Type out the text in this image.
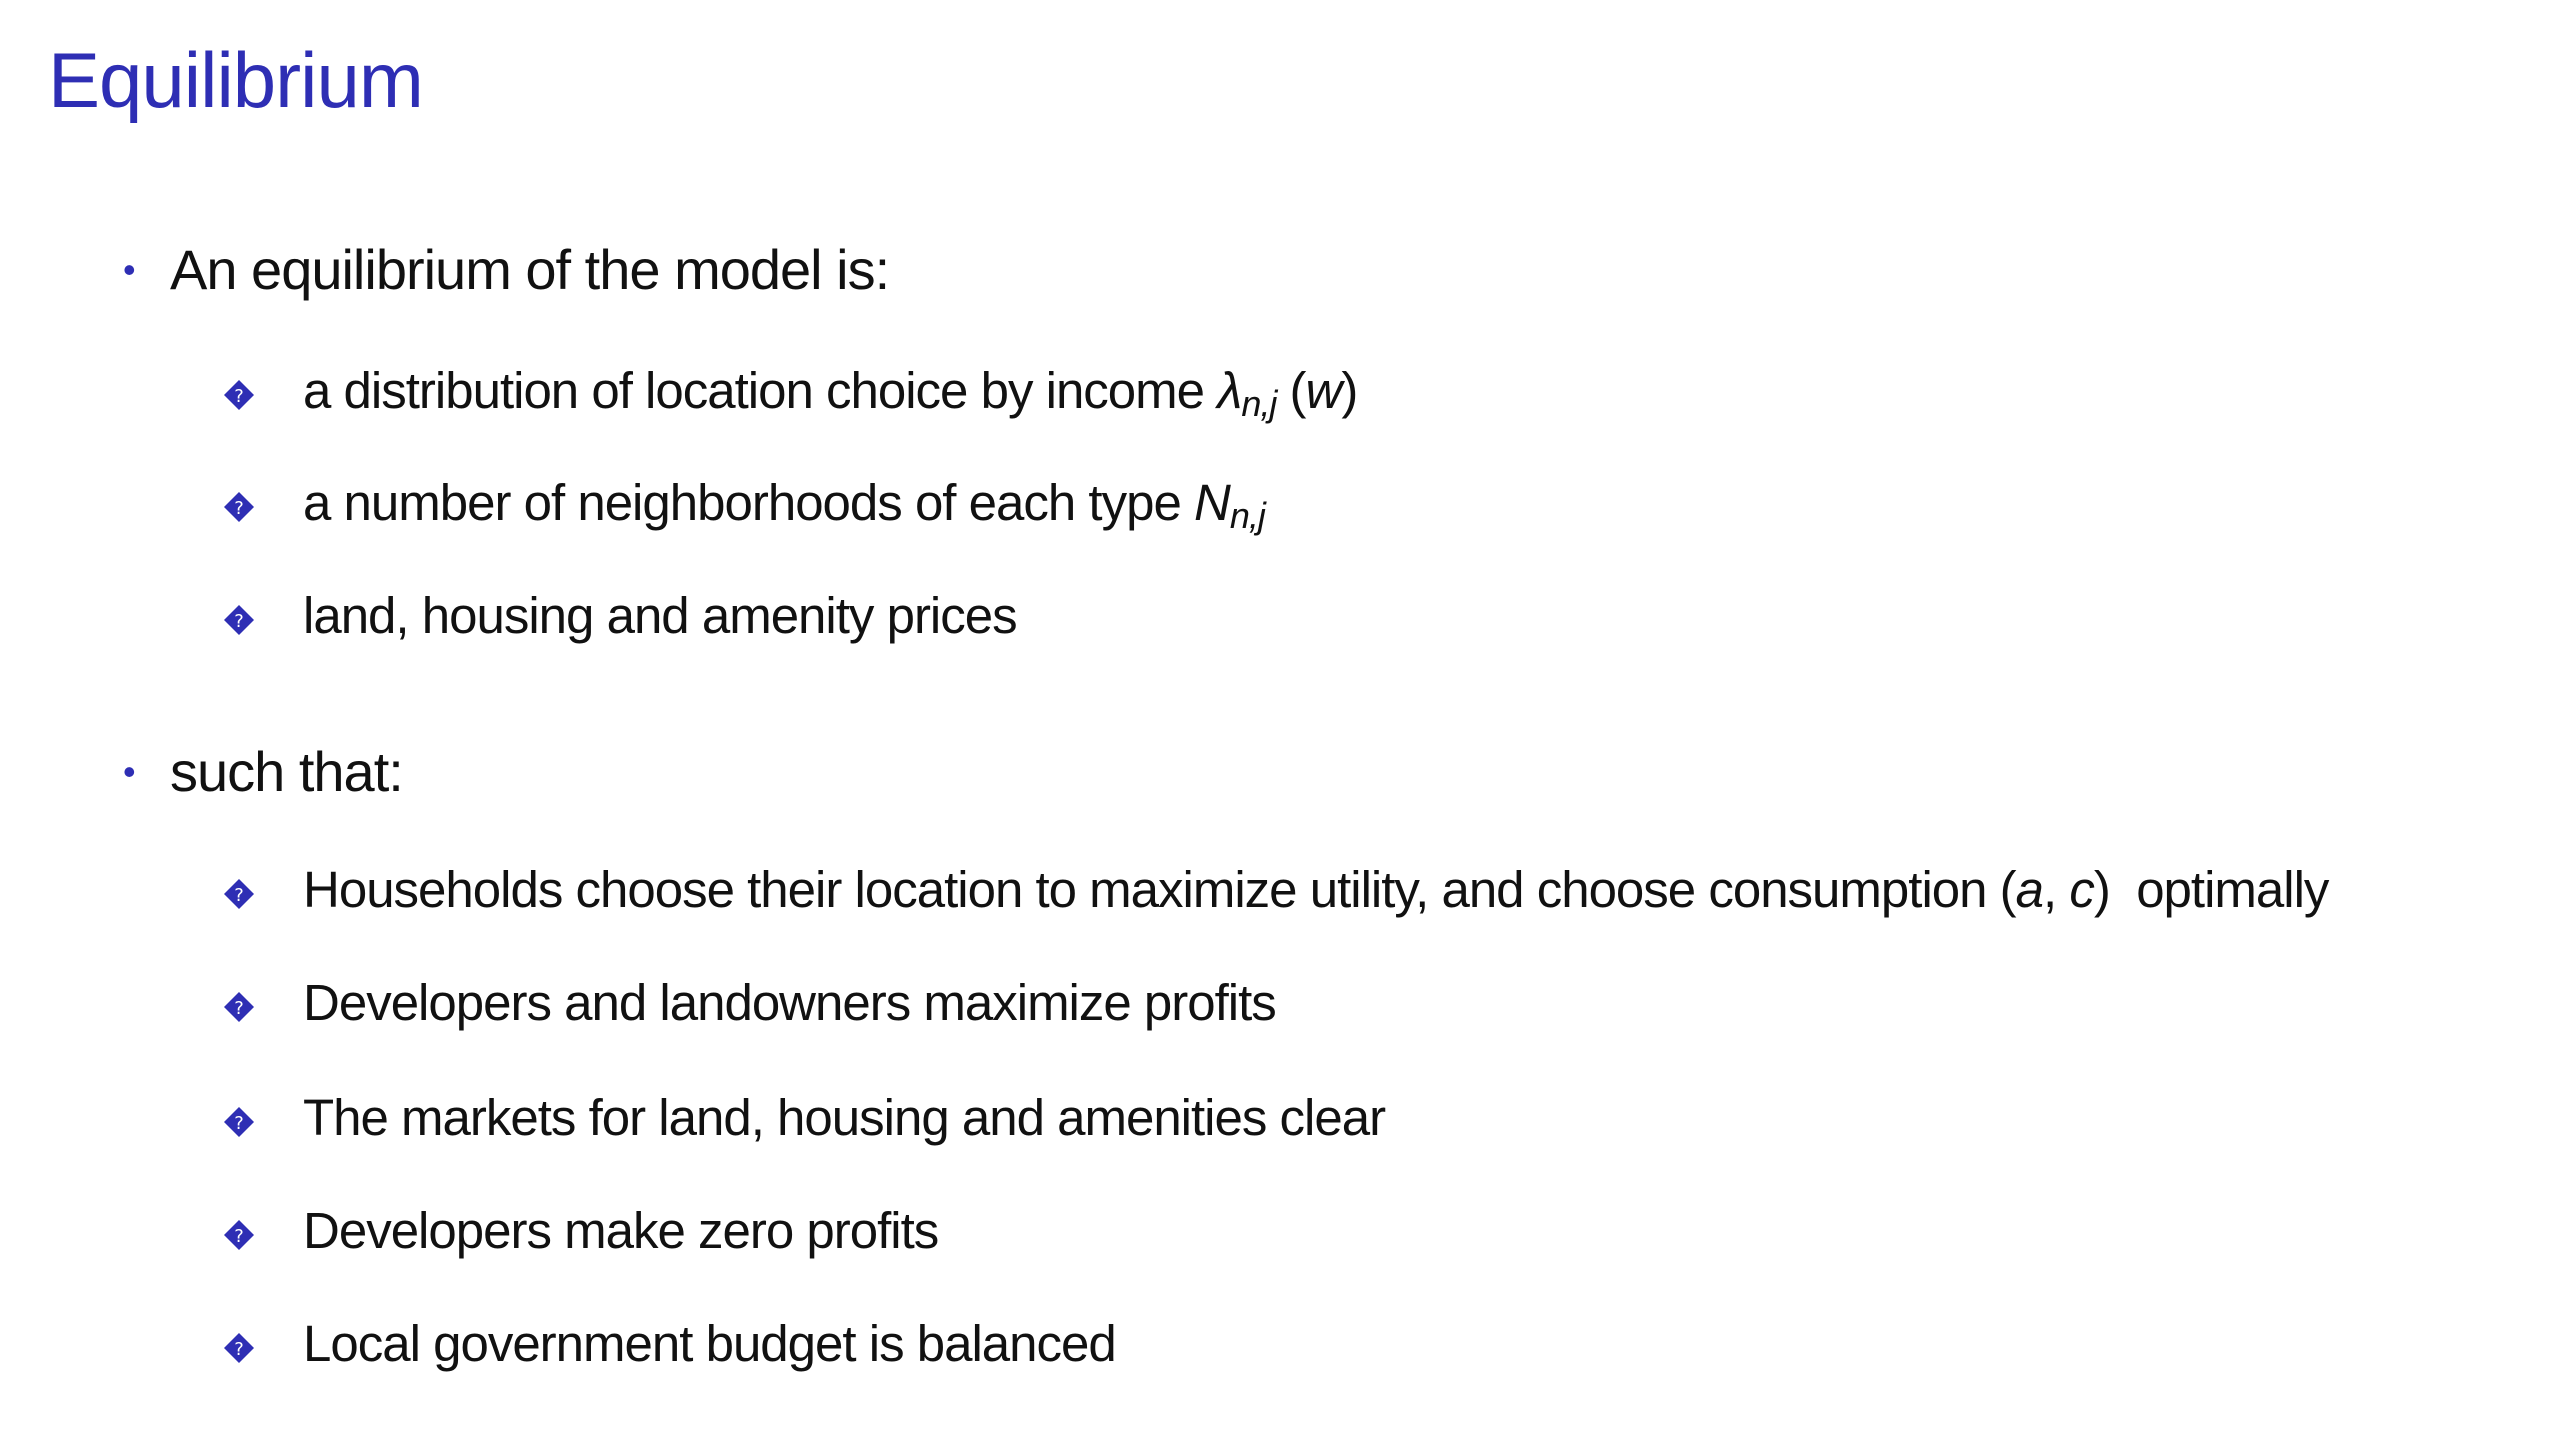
Equilibrium
• An equilibrium of the model is:
? a distribution of location choice by income $\lambda_{n,j}$ (w)
? a number of neighborhoods of each type $N_{n,j}$
? land, housing and amenity prices
• such that:
? Households choose their location to maximize utility, and choose consumption (a, c)  optimally
? Developers and landowners maximize profits
? The markets for land, housing and amenities clear
? Developers make zero profits
? Local government budget is balanced
